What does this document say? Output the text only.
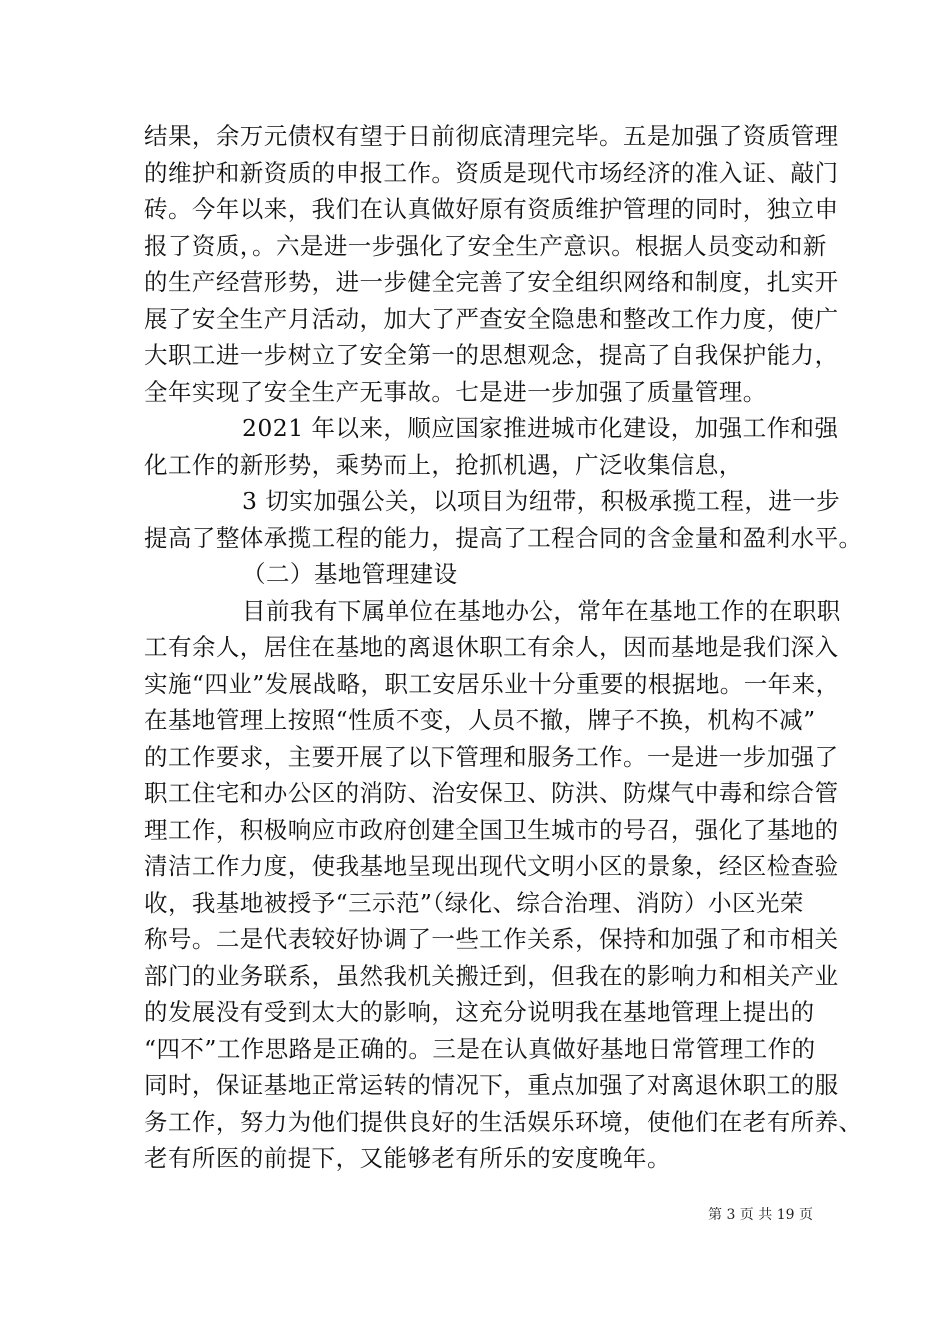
结果，余万元债权有望于日前彻底清理完毕。五是加强了资质管理
的维护和新资质的申报工作。资质是现代市场经济的准入证、敲门
砖。今年以来，我们在认真做好原有资质维护管理的同时，独立申
报了资质，。六是进一步强化了安全生产意识。根据人员变动和新
的生产经营形势，进一步健全完善了安全组织网络和制度，扎实开
展了安全生产月活动，加大了严查安全隐患和整改工作力度，使广
大职工进一步树立了安全第一的思想观念，提高了自我保护能力，
全年实现了安全生产无事故。七是进一步加强了质量管理。
2021 年以来，顺应国家推进城市化建设，加强工作和强
化工作的新形势，乘势而上，抢抓机遇，广泛收集信息，
3 切实加强公关，以项目为纽带，积极承揽工程，进一步
提高了整体承揽工程的能力，提高了工程合同的含金量和盈利水平。
（二）基地管理建设
目前我有下属单位在基地办公，常年在基地工作的在职职
工有余人，居住在基地的离退休职工有余人，因而基地是我们深入
实施“四业”发展战略，职工安居乐业十分重要的根据地。一年来，
在基地管理上按照“性质不变，人员不撤，牌子不换，机构不减”
的工作要求，主要开展了以下管理和服务工作。一是进一步加强了
职工住宅和办公区的消防、治安保卫、防洪、防煤气中毒和综合管
理工作，积极响应市政府创建全国卫生城市的号召，强化了基地的
清洁工作力度，使我基地呈现出现代文明小区的景象，经区检查验
收，我基地被授予“三示范”（绿化、综合治理、消防）小区光荣
称号。二是代表较好协调了一些工作关系，保持和加强了和市相关
部门的业务联系，虽然我机关搬迁到，但我在的影响力和相关产业
的发展没有受到太大的影响，这充分说明我在基地管理上提出的
“四不”工作思路是正确的。三是在认真做好基地日常管理工作的
同时，保证基地正常运转的情况下，重点加强了对离退休职工的服
务工作，努力为他们提供良好的生活娱乐环境，使他们在老有所养、
老有所医的前提下，又能够老有所乐的安度晚年。
第 3 页 共 19 页
